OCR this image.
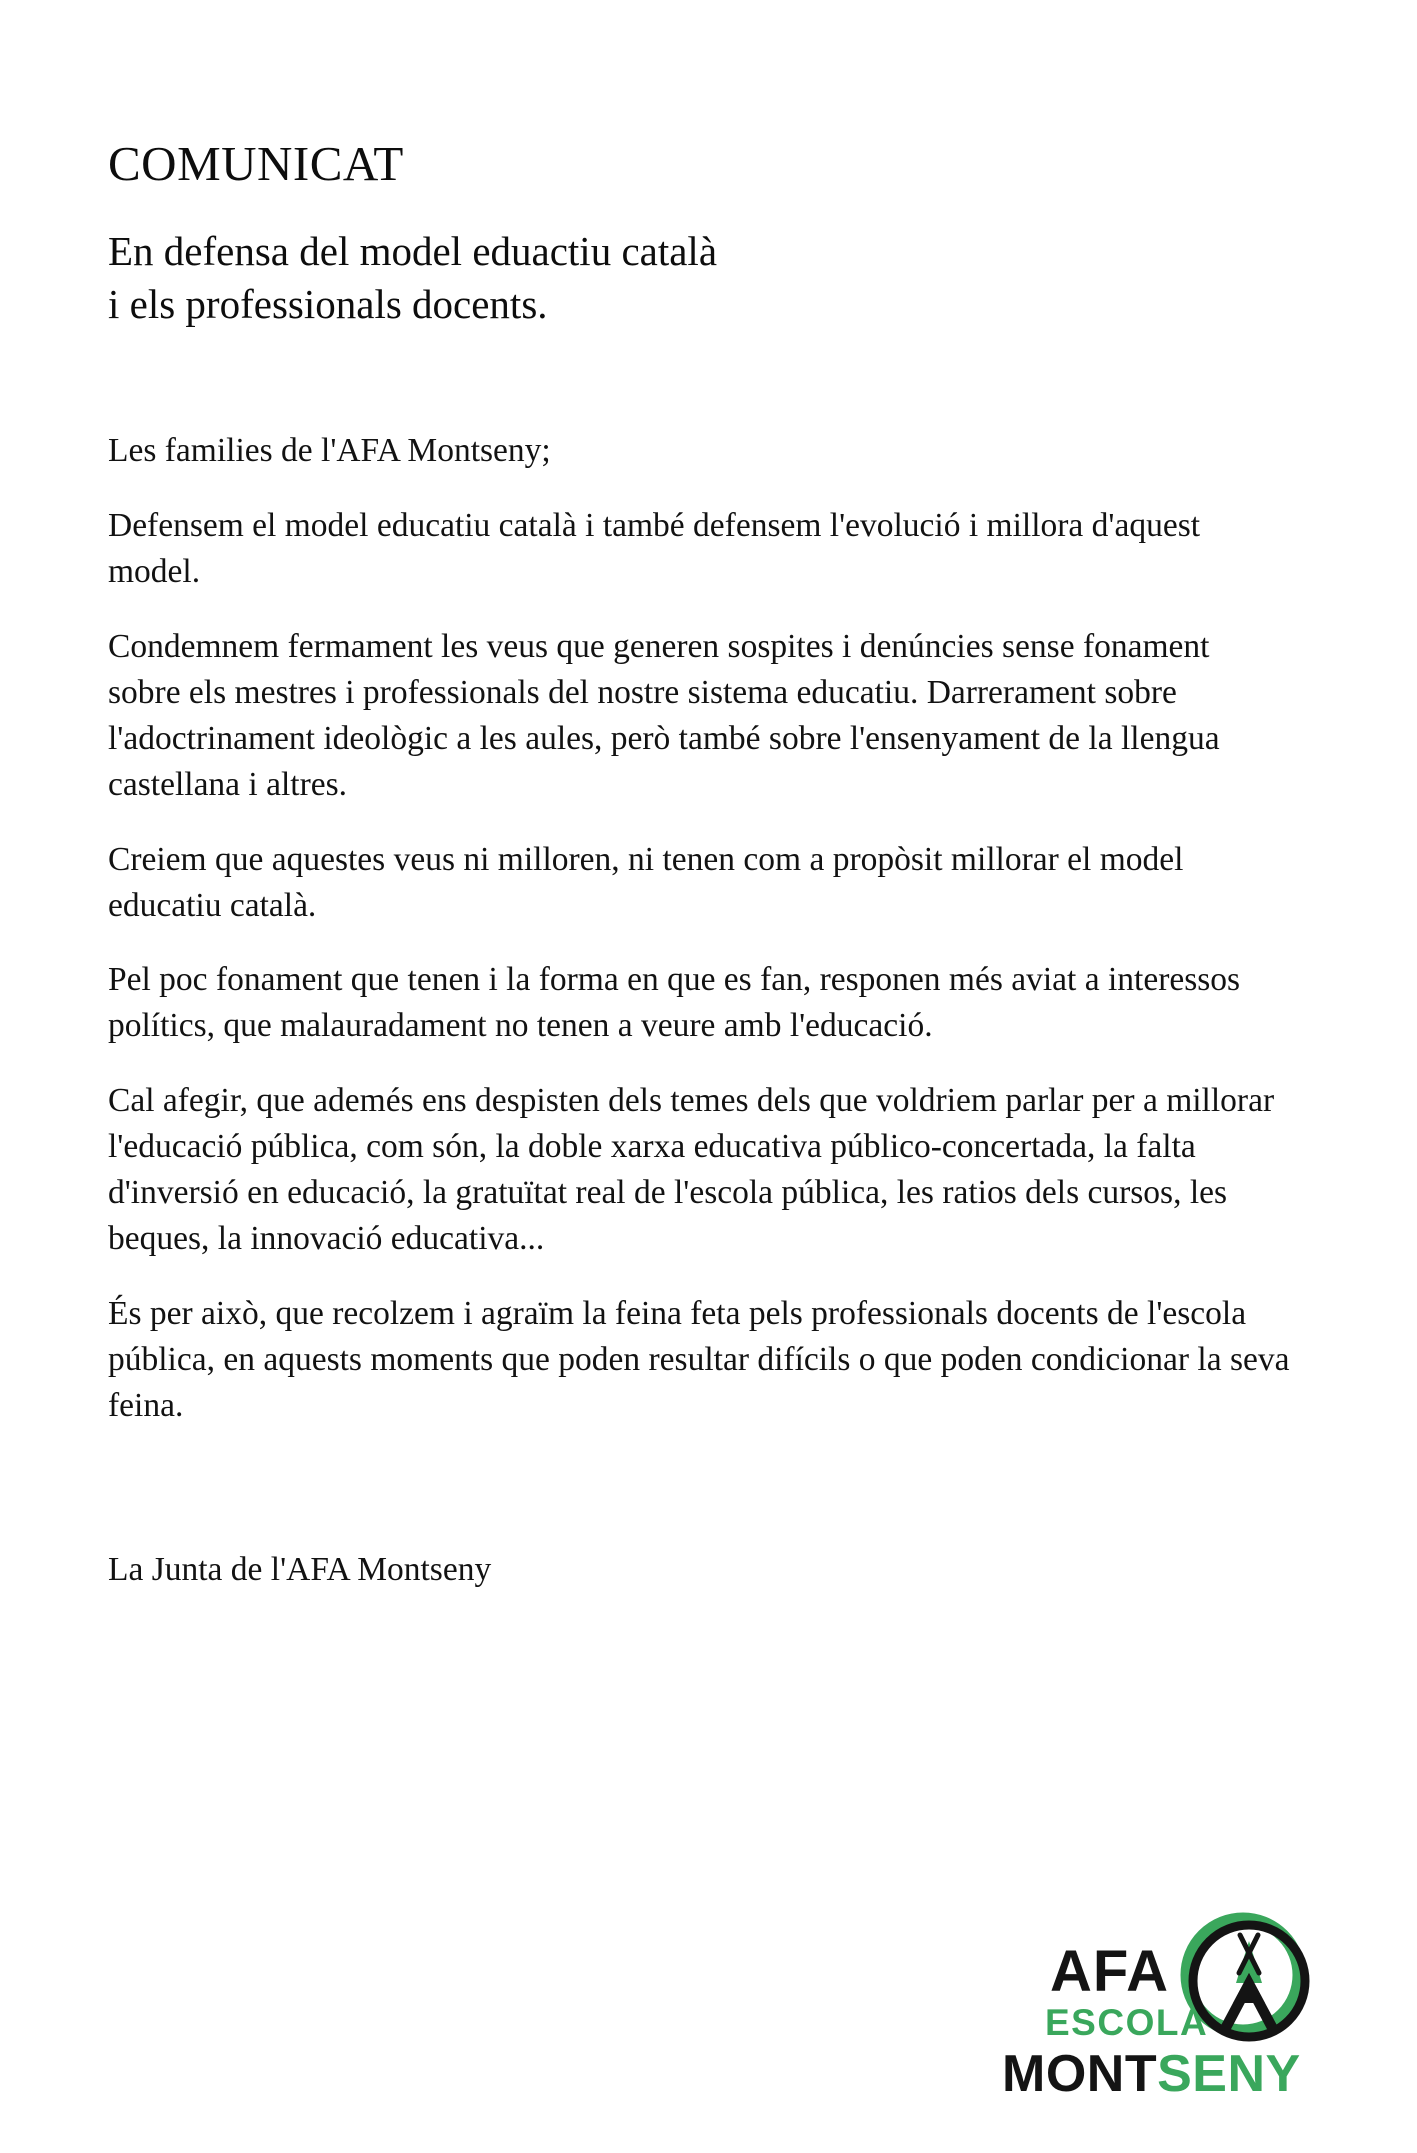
COMUNICAT
En defensa del model eduactiu català
i els professionals docents.

Les families de l'AFA Montseny;

Defensem el model educatiu català i també defensem l'evolució i millora d'aquest model.

Condemnem fermament les veus que generen sospites i denúncies sense fonament sobre els mestres i professionals del nostre sistema educatiu. Darrerament sobre l'adoctrinament ideològic a les aules, però també sobre l'ensenyament de la llengua castellana i altres.

Creiem que aquestes veus ni milloren, ni tenen com a propòsit millorar el model educatiu català.

Pel poc fonament que tenen i la forma en que es fan, responen més aviat a interessos polítics, que malauradament no tenen a veure amb l'educació.

Cal afegir, que ademés ens despisten dels temes dels que voldriem parlar per a millorar l'educació pública, com són, la doble xarxa educativa público-concertada, la falta d'inversió en educació, la gratuïtat real de l'escola pública, les ratios dels cursos, les beques, la innovació educativa...

És per això, que recolzem i agraïm la feina feta pels professionals docents de l'escola pública, en aquests moments que poden resultar difícils o que poden condicionar la seva feina.

La Junta de l'AFA Montseny

AFA
ESCOLA
MONTSENY
